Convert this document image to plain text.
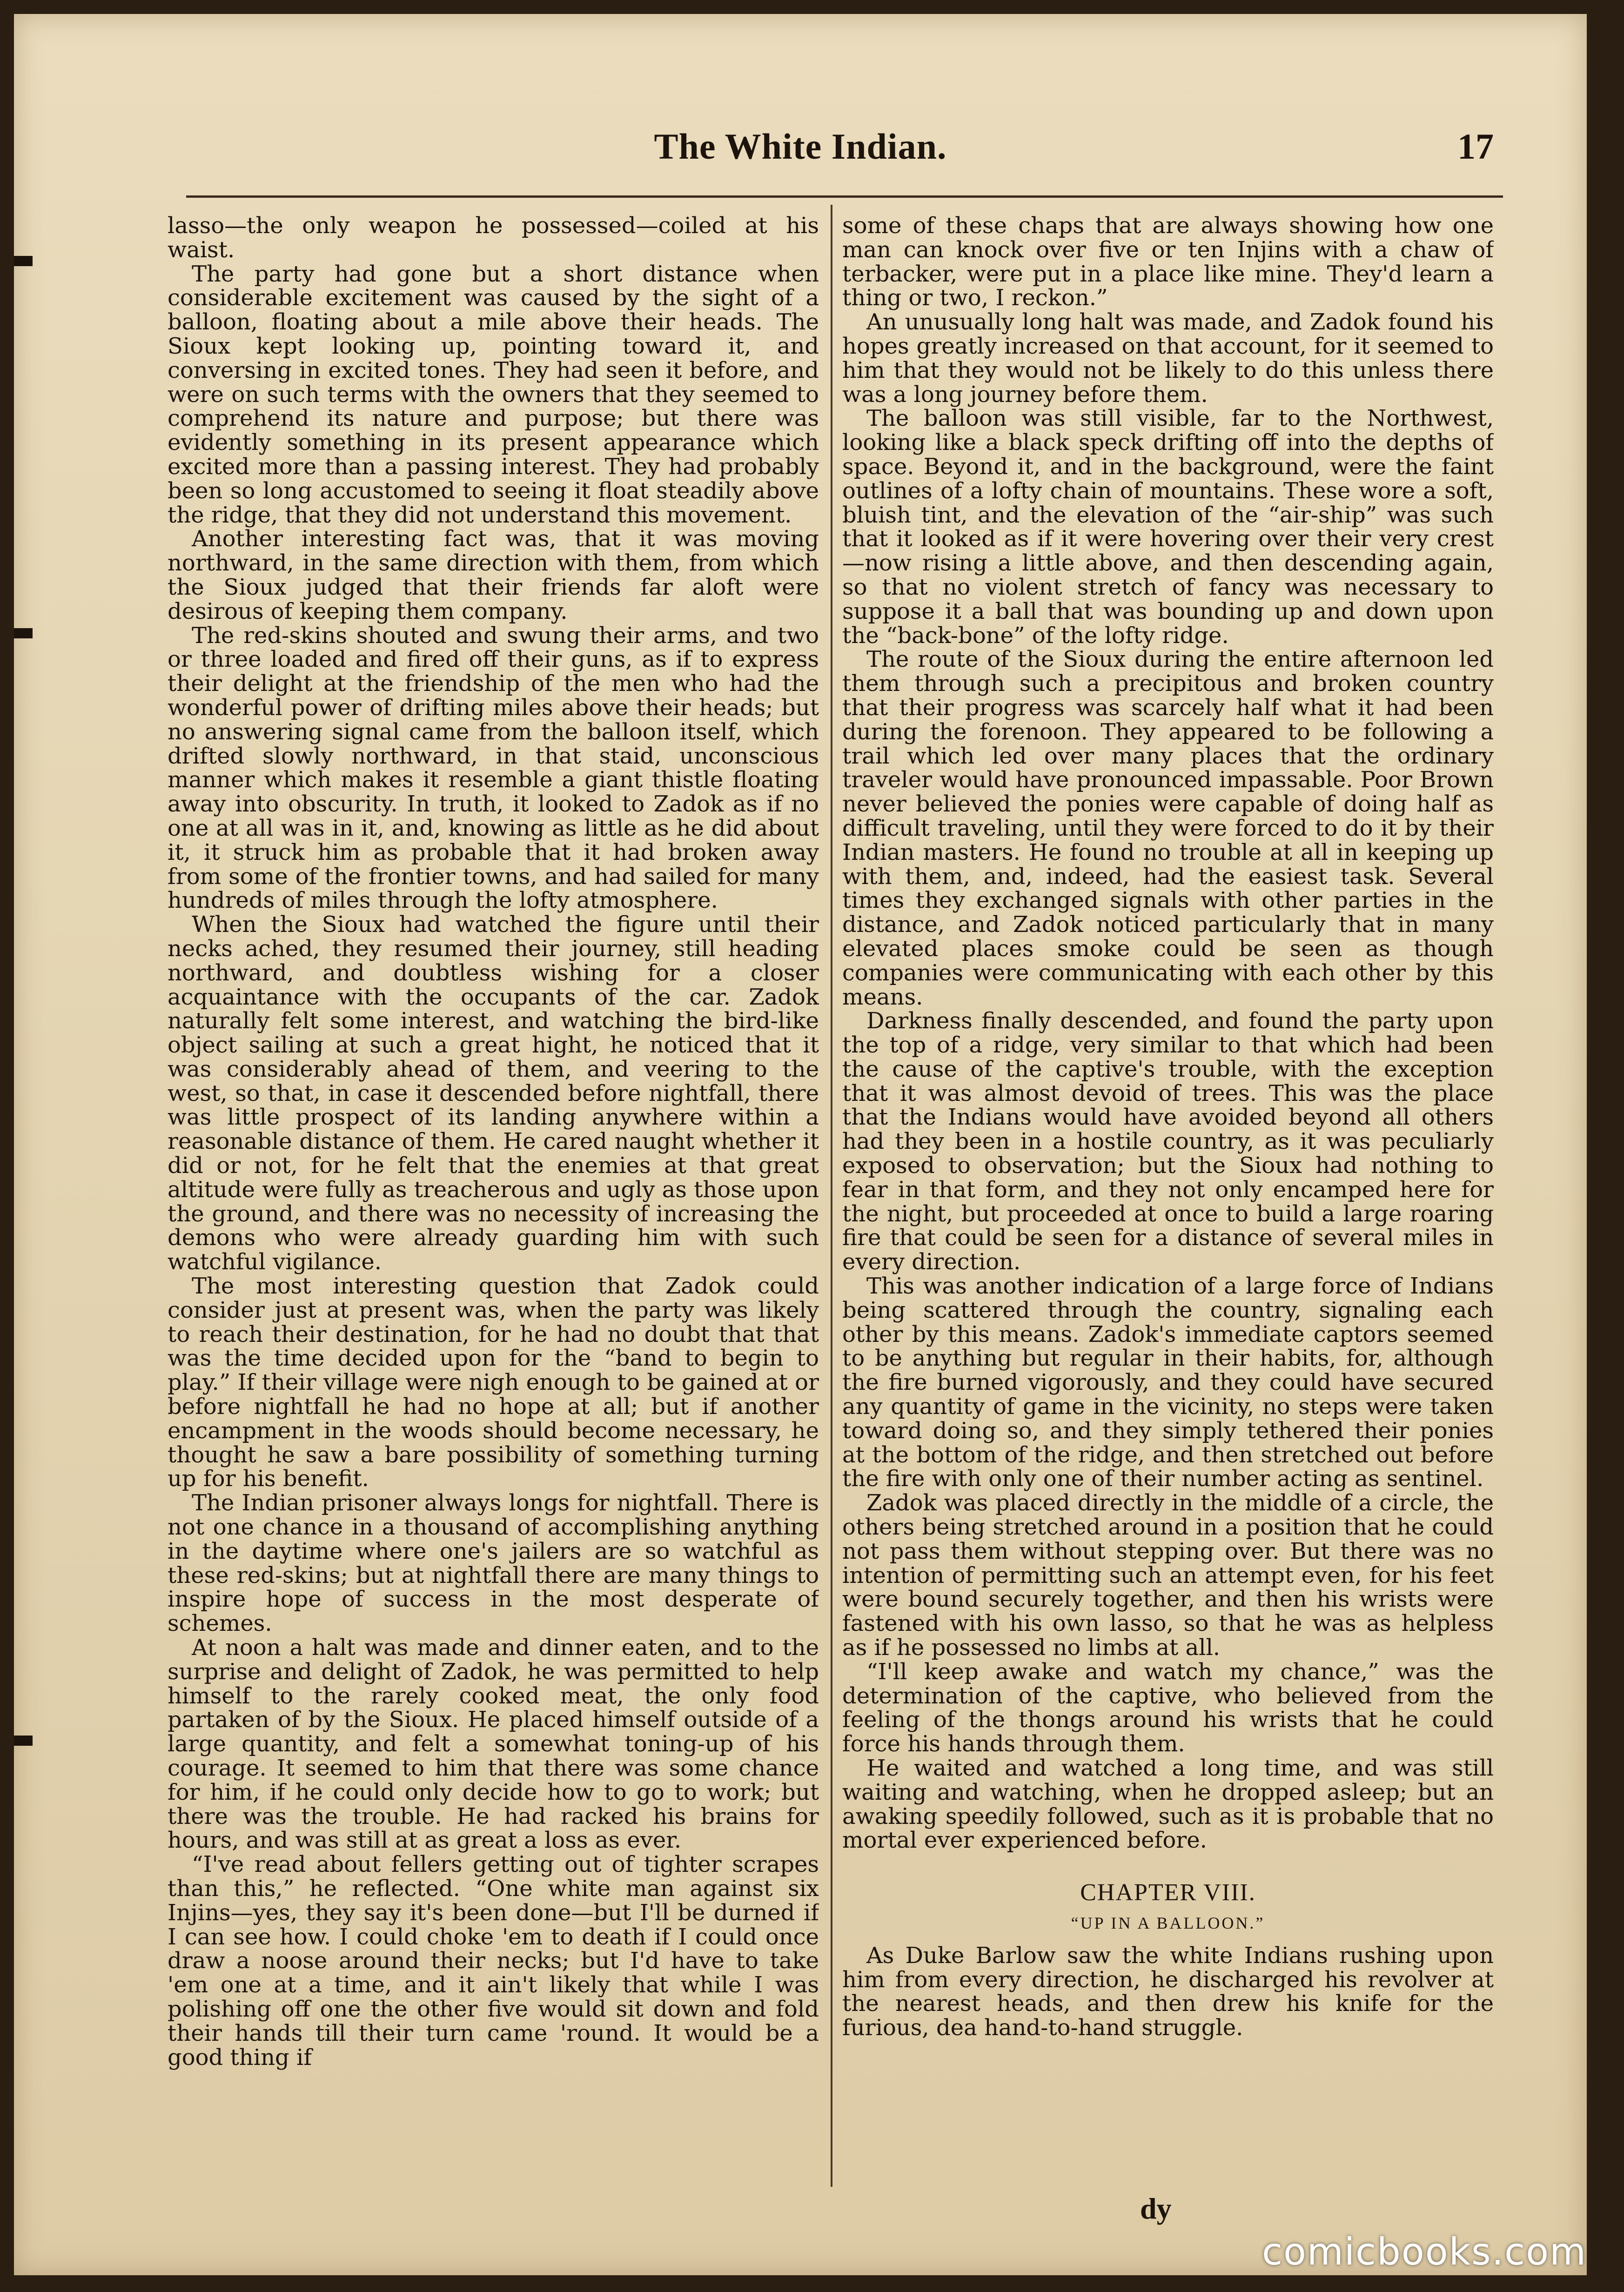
The White Indian.	17

lasso—the only weapon he possessed—coiled at his waist.

The party had gone but a short distance when considerable excitement was caused by the sight of a balloon, floating about a mile above their heads. The Sioux kept looking up, pointing toward it, and conversing in excited tones. They had seen it before, and were on such terms with the owners that they seemed to comprehend its nature and purpose; but there was evidently something in its present appearance which excited more than a passing interest. They had probably been so long accustomed to seeing it float steadily above the ridge, that they did not understand this movement.

Another interesting fact was, that it was moving northward, in the same direction with them, from which the Sioux judged that their friends far aloft were desirous of keeping them company.

The red-skins shouted and swung their arms, and two or three loaded and fired off their guns, as if to express their delight at the friendship of the men who had the wonderful power of drifting miles above their heads; but no answering signal came from the balloon itself, which drifted slowly northward, in that staid, unconscious manner which makes it resemble a giant thistle floating away into obscurity. In truth, it looked to Zadok as if no one at all was in it, and, knowing as little as he did about it, it struck him as probable that it had broken away from some of the frontier towns, and had sailed for many hundreds of miles through the lofty atmosphere.

When the Sioux had watched the figure until their necks ached, they resumed their journey, still heading northward, and doubtless wishing for a closer acquaintance with the occupants of the car. Zadok naturally felt some interest, and watching the bird-like object sailing at such a great hight, he noticed that it was considerably ahead of them, and veering to the west, so that, in case it descended before nightfall, there was little prospect of its landing anywhere within a reasonable distance of them. He cared naught whether it did or not, for he felt that the enemies at that great altitude were fully as treacherous and ugly as those upon the ground, and there was no necessity of increasing the demons who were already guarding him with such watchful vigilance.

The most interesting question that Zadok could consider just at present was, when the party was likely to reach their destination, for he had no doubt that that was the time decided upon for the “band to begin to play.” If their village were nigh enough to be gained at or before nightfall he had no hope at all; but if another encampment in the woods should become necessary, he thought he saw a bare possibility of something turning up for his benefit.

The Indian prisoner always longs for nightfall. There is not one chance in a thousand of accomplishing anything in the daytime where one's jailers are so watchful as these red-skins; but at nightfall there are many things to inspire hope of success in the most desperate of schemes.

At noon a halt was made and dinner eaten, and to the surprise and delight of Zadok, he was permitted to help himself to the rarely cooked meat, the only food partaken of by the Sioux. He placed himself outside of a large quantity, and felt a somewhat toning-up of his courage. It seemed to him that there was some chance for him, if he could only decide how to go to work; but there was the trouble. He had racked his brains for hours, and was still at as great a loss as ever.

“I've read about fellers getting out of tighter scrapes than this,” he reflected. “One white man against six Injins—yes, they say it's been done—but I'll be durned if I can see how. I could choke 'em to death if I could once draw a noose around their necks; but I'd have to take 'em one at a time, and it ain't likely that while I was polishing off one the other five would sit down and fold their hands till their turn came 'round. It would be a good thing if

some of these chaps that are always showing how one man can knock over five or ten Injins with a chaw of terbacker, were put in a place like mine. They'd learn a thing or two, I reckon.”

An unusually long halt was made, and Zadok found his hopes greatly increased on that account, for it seemed to him that they would not be likely to do this unless there was a long journey before them.

The balloon was still visible, far to the Northwest, looking like a black speck drifting off into the depths of space. Beyond it, and in the background, were the faint outlines of a lofty chain of mountains. These wore a soft, bluish tint, and the elevation of the “air-ship” was such that it looked as if it were hovering over their very crest—now rising a little above, and then descending again, so that no violent stretch of fancy was necessary to suppose it a ball that was bounding up and down upon the “back-bone” of the lofty ridge.

The route of the Sioux during the entire afternoon led them through such a precipitous and broken country that their progress was scarcely half what it had been during the forenoon. They appeared to be following a trail which led over many places that the ordinary traveler would have pronounced impassable. Poor Brown never believed the ponies were capable of doing half as difficult traveling, until they were forced to do it by their Indian masters. He found no trouble at all in keeping up with them, and, indeed, had the easiest task. Several times they exchanged signals with other parties in the distance, and Zadok noticed particularly that in many elevated places smoke could be seen as though companies were communicating with each other by this means.

Darkness finally descended, and found the party upon the top of a ridge, very similar to that which had been the cause of the captive's trouble, with the exception that it was almost devoid of trees. This was the place that the Indians would have avoided beyond all others had they been in a hostile country, as it was peculiarly exposed to observation; but the Sioux had nothing to fear in that form, and they not only encamped here for the night, but proceeded at once to build a large roaring fire that could be seen for a distance of several miles in every direction.

This was another indication of a large force of Indians being scattered through the country, signaling each other by this means. Zadok's immediate captors seemed to be anything but regular in their habits, for, although the fire burned vigorously, and they could have secured any quantity of game in the vicinity, no steps were taken toward doing so, and they simply tethered their ponies at the bottom of the ridge, and then stretched out before the fire with only one of their number acting as sentinel.

Zadok was placed directly in the middle of a circle, the others being stretched around in a position that he could not pass them without stepping over. But there was no intention of permitting such an attempt even, for his feet were bound securely together, and then his wrists were fastened with his own lasso, so that he was as helpless as if he possessed no limbs at all.

“I'll keep awake and watch my chance,” was the determination of the captive, who believed from the feeling of the thongs around his wrists that he could force his hands through them.

He waited and watched a long time, and was still waiting and watching, when he dropped asleep; but an awaking speedily followed, such as it is probable that no mortal ever experienced before.

CHAPTER VIII.
“UP IN A BALLOON.”

As Duke Barlow saw the white Indians rushing upon him from every direction, he discharged his revolver at the nearest heads, and then drew his knife for the furious, dea hand-to-hand struggle.

dy
comicbooks.com
